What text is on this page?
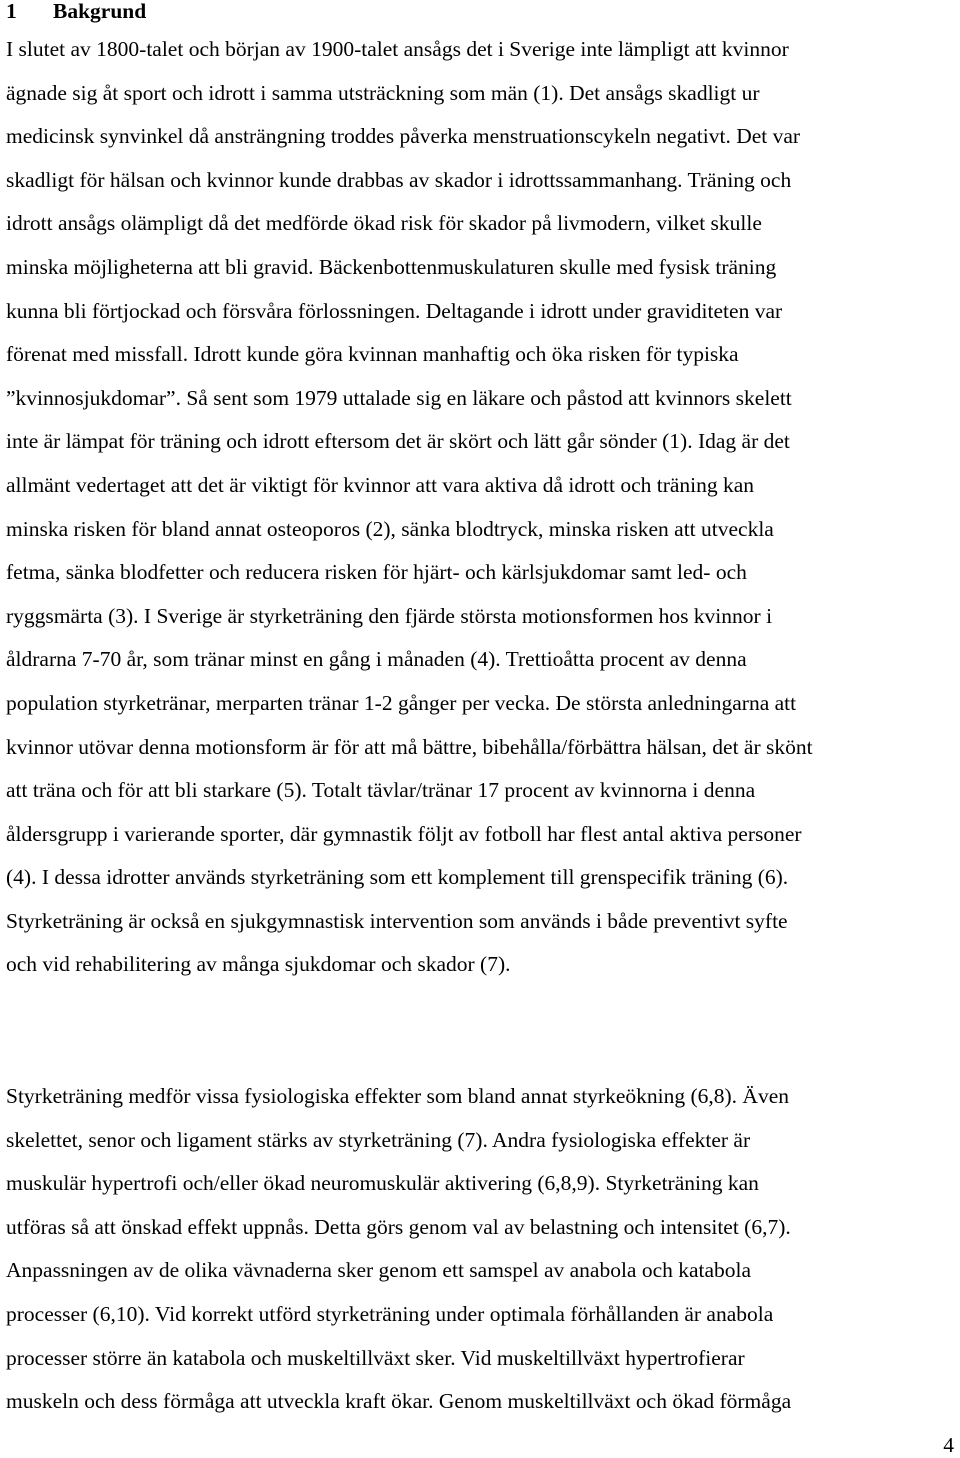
1 Bakgrund
I slutet av 1800-talet och början av 1900-talet ansågs det i Sverige inte lämpligt att kvinnor
ägnade sig åt sport och idrott i samma utsträckning som män (1). Det ansågs skadligt ur
medicinsk synvinkel då ansträngning troddes påverka menstruationscykeln negativt. Det var
skadligt för hälsan och kvinnor kunde drabbas av skador i idrottssammanhang. Träning och
idrott ansågs olämpligt då det medförde ökad risk för skador på livmodern, vilket skulle
minska möjligheterna att bli gravid. Bäckenbottenmuskulaturen skulle med fysisk träning
kunna bli förtjockad och försvåra förlossningen. Deltagande i idrott under graviditeten var
förenat med missfall. Idrott kunde göra kvinnan manhaftig och öka risken för typiska
”kvinnosjukdomar”. Så sent som 1979 uttalade sig en läkare och påstod att kvinnors skelett
inte är lämpat för träning och idrott eftersom det är skört och lätt går sönder (1). Idag är det
allmänt vedertaget att det är viktigt för kvinnor att vara aktiva då idrott och träning kan
minska risken för bland annat osteoporos (2), sänka blodtryck, minska risken att utveckla
fetma, sänka blodfetter och reducera risken för hjärt- och kärlsjukdomar samt led- och
ryggsmärta (3). I Sverige är styrketräning den fjärde största motionsformen hos kvinnor i
åldrarna 7-70 år, som tränar minst en gång i månaden (4). Trettioåtta procent av denna
population styrketränar, merparten tränar 1-2 gånger per vecka. De största anledningarna att
kvinnor utövar denna motionsform är för att må bättre, bibehålla/förbättra hälsan, det är skönt
att träna och för att bli starkare (5). Totalt tävlar/tränar 17 procent av kvinnorna i denna
åldersgrupp i varierande sporter, där gymnastik följt av fotboll har flest antal aktiva personer
(4). I dessa idrotter används styrketräning som ett komplement till grenspecifik träning (6).
Styrketräning är också en sjukgymnastisk intervention som används i både preventivt syfte
och vid rehabilitering av många sjukdomar och skador (7).
Styrketräning medför vissa fysiologiska effekter som bland annat styrkeökning (6,8). Även
skelettet, senor och ligament stärks av styrketräning (7). Andra fysiologiska effekter är
muskulär hypertrofi och/eller ökad neuromuskulär aktivering (6,8,9). Styrketräning kan
utföras så att önskad effekt uppnås. Detta görs genom val av belastning och intensitet (6,7).
Anpassningen av de olika vävnaderna sker genom ett samspel av anabola och katabola
processer (6,10). Vid korrekt utförd styrketräning under optimala förhållanden är anabola
processer större än katabola och muskeltillväxt sker. Vid muskeltillväxt hypertrofierar
muskeln och dess förmåga att utveckla kraft ökar. Genom muskeltillväxt och ökad förmåga
4
